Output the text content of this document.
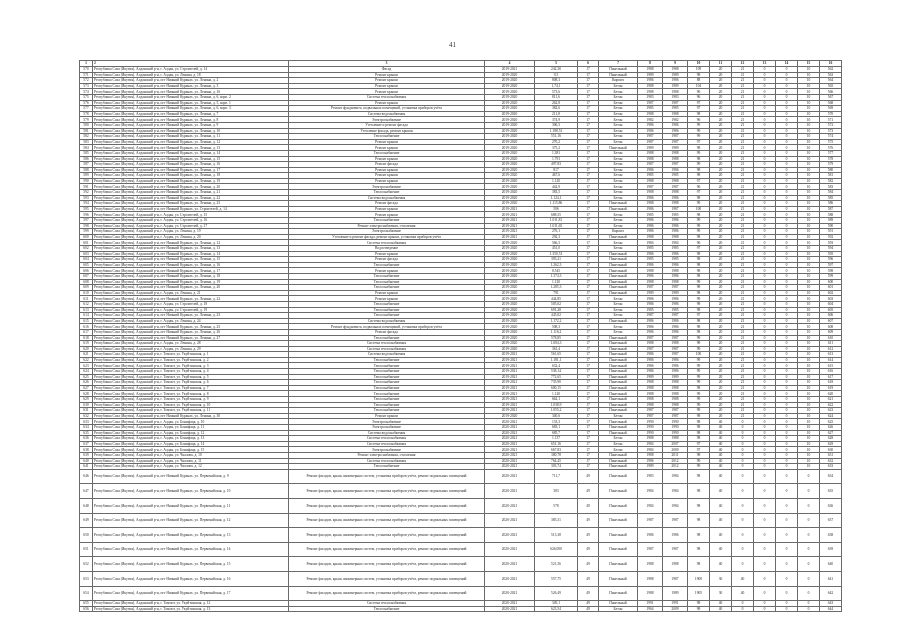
41
1	2	3	4	5	6	7	8	9	10	11	12	13	14	15	16
570	Республика Саха (Якутия), Алданский р-н, г. Алдан, ул. Строителей, д. 14	Фасад	2019-2021	242,30	17	Панельный	1988	1988	109	20	21	0	0	10	562
571	Республика Саха (Якутия), Алданский р-н, г. Алдан, ул. Ленина, д. 18	Ремонт крыши	2019-2020	9,5	17	Панельный	1989	1989	98	20	21	0	0	10	563
572	Республика Саха (Якутия), Алданский р-н, пгт Нижний Куранах, ул. Ленина, д. 2	Ремонт крыши	2019-2020	808,3	17	Кирпич	1986	1986	88	20	21	0	0	10	564
573	Республика Саха (Якутия), Алданский р-н, пгт Нижний Куранах, ул. Ленина, д. 3	Ремонт крыши	2019-2020	1,74,1	17	Бетон	1988	1989	104	20	21	0	0	10	565
574	Республика Саха (Якутия), Алданский р-н, пгт Нижний Куранах, ул. Ленина, д. 16	Ремонт крыши	2019-2020	573,6	17	Бетон	1988	1988	96	20	21	0	0	10	566
575	Республика Саха (Якутия), Алданский р-н, пгт Нижний Куранах, ул. Ленина, д. 6, корп. 2	Система теплоснабжения	2019-2020	811,6	17	Бетон	1983	1983	96	20	21	0	0	10	567
576	Республика Саха (Якутия), Алданский р-н, пгт Нижний Куранах, ул. Ленина, д. 5, корп. 1	Ремонт крыши	2019-2020	262,8	17	Бетон	1987	1987	97	20	21	0	0	10	568
577	Республика Саха (Якутия), Алданский р-н, пгт Нижний Куранах, ул. Ленина, д. 6, корп. 3	Ремонт фундамента, подвальных помещений, установка приборов учёта	2019-2020	382,6	17	Бетон	1985	1985	97	20	21	0	0	10	569
578	Республика Саха (Якутия), Алданский р-н, пгт Нижний Куранах, ул. Ленина, д. 7	Система водоснабжения	2019-2020	211,8	17	Бетон	1988	1988	98	20	21	0	0	10	570
579	Республика Саха (Якутия), Алданский р-н, пгт Нижний Куранах, ул. Ленина, д. 8	Электроснабжение	2019-2020	374,9	17	Бетон	1982	1982	96	20	21	0	0	10	571
580	Республика Саха (Якутия), Алданский р-н, пгт Нижний Куранах, ул. Ленина, д. 9	Утепление и ремонт фасада	2019-2020	306,3	17	Бетон	1986	1986	99	20	21	0	0	10	572
581	Республика Саха (Якутия), Алданский р-н, пгт Нижний Куранах, ул. Ленина, д. 10	Утепление фасада, ремонт крыши	2019-2020	1.188,51	17	Бетон	1986	1986	99	20	21	0	0	10	573
582	Республика Саха (Якутия), Алданский р-н, пгт Нижний Куранах, ул. Ленина, д. 11	Теплоснабжение	2019-2020	551,16	17	Бетон	1987	1987	99	20	21	0	0	10	574
583	Республика Саха (Якутия), Алданский р-н, пгт Нижний Куранах, ул. Ленина, д. 12	Ремонт крыши	2019-2020	270,2	17	Бетон	1987	1987	97	20	21	0	0	10	575
584	Республика Саха (Якутия), Алданский р-н, пгт Нижний Куранах, ул. Ленина, д. 13	Ремонт крыши	2019-2020	375,2	17	Панельный	1989	1989	98	20	21	0	0	10	576
585	Республика Саха (Якутия), Алданский р-н, пгт Нижний Куранах, ул. Ленина, д. 14	Теплоснабжение	2019-2020	1.381	17	Бетон	1988	1988	99	20	21	0	0	10	577
586	Республика Саха (Якутия), Алданский р-н, пгт Нижний Куранах, ул. Ленина, д. 15	Ремонт крыши	2019-2020	1.791	17	Бетон	1988	1988	98	20	21	0	0	10	578
587	Республика Саха (Якутия), Алданский р-н, пгт Нижний Куранах, ул. Ленина, д. 16	Ремонт фасада	2019-2020	497,83	17	Бетон	1987	1987	99	20	21	0	0	10	579
588	Республика Саха (Якутия), Алданский р-н, пгт Нижний Куранах, ул. Ленина, д. 17	Ремонт крыши	2019-2020	817	17	Бетон	1986	1986	98	20	21	0	0	10	580
589	Республика Саха (Якутия), Алданский р-н, пгт Нижний Куранах, ул. Ленина, д. 18	Ремонт крыши	2019-2020	467,6	17	Бетон	1985	1985	98	20	21	0	0	10	581
590	Республика Саха (Якутия), Алданский р-н, пгт Нижний Куранах, ул. Ленина, д. 19	Ремонт крыши	2019-2020	1.120	17	Бетон	1988	1988	97	20	21	0	0	10	582
591	Республика Саха (Якутия), Алданский р-н, пгт Нижний Куранах, ул. Ленина, д. 20	Электроснабжение	2019-2020	442,9	17	Бетон	1987	1987	96	20	21	0	0	10	583
592	Республика Саха (Якутия), Алданский р-н, пгт Нижний Куранах, ул. Ленина, д. 21	Теплоснабжение	2019-2020	383,5	17	Бетон	1988	1988	97	20	21	0	0	10	584
593	Республика Саха (Якутия), Алданский р-н, пгт Нижний Куранах, ул. Ленина, д. 22	Система водоснабжения	2019-2020	1.124,1	17	Бетон	1986	1986	98	20	21	0	0	10	585
594	Республика Саха (Якутия), Алданский р-н, пгт Нижний Куранах, ул. Ленина, д. 23	Ремонт фасада	2019-2020	1.115,86	17	Панельный	1988	1988	99	20	21	0	0	10	586
595	Республика Саха (Якутия), Алданский р-н, пгт Нижний Куранах, ул. Строителей, д. 14	Ремонт крыши	2019-2021	506	17	Панельный	1986	1987	100	20	21	0	0	10	587
596	Республика Саха (Якутия), Алданский р-н, г. Алдан, ул. Строителей, д. 15	Ремонт крыши	2019-2021	688,55	17	Бетон	1985	1985	98	20	21	0	0	10	588
597	Республика Саха (Якутия), Алданский р-н, г. Алдан, ул. Строителей, д. 16	Теплоснабжение	2019-2021	1.011,81	17	Бетон	1986	1986	99	20	21	0	0	10	589
598	Республика Саха (Якутия), Алданский р-н, г. Алдан, ул. Строителей, д. 17	Ремонт электроснабжения, отопления	2019-2021	1.011,65	17	Бетон	1986	1986	99	20	21	0	0	10	590
599	Республика Саха (Якутия), Алданский р-н, г. Алдан, ул. Ленина, д. 19	Электроснабжение	2019-2021	276,1	17	Кирпич	1986	1986	99	20	21	0	0	10	591
600	Республика Саха (Якутия), Алданский р-н, г. Алдан, ул. Ленина, д. 20	Утепление и ремонт фасада, ремонт крыши, установка приборов учёта	2019-2021	292,3	17	Панельный	1988	1988	98	20	21	0	0	10	592
601	Республика Саха (Якутия), Алданский р-н, пгт Нижний Куранах, ул. Ленина, д. 12	Система теплоснабжения	2019-2020	566,3	17	Бетон	1984	1984	96	20	21	0	0	10	593
602	Республика Саха (Якутия), Алданский р-н, пгт Нижний Куранах, ул. Ленина, д. 13	Водоотведение	2019-2020	451,0	17	Бетон	1985	1985	97	20	21	0	0	10	594
603	Республика Саха (Якутия), Алданский р-н, пгт Нижний Куранах, ул. Ленина, д. 14	Ремонт крыши	2019-2020	1.350,51	17	Панельный	1986	1986	98	20	21	0	0	10	595
604	Республика Саха (Якутия), Алданский р-н, пгт Нижний Куранах, ул. Ленина, д. 15	Ремонт фасада	2019-2020	393,21	17	Панельный	1985	1985	98	20	21	0	0	10	596
605	Республика Саха (Якутия), Алданский р-н, пгт Нижний Куранах, ул. Ленина, д. 16	Теплоснабжение	2019-2020	1.262,3	17	Панельный	1986	1986	98	20	21	0	0	10	597
606	Республика Саха (Якутия), Алданский р-н, пгт Нижний Куранах, ул. Ленина, д. 17	Ремонт крыши	2019-2020	8.545	17	Панельный	1988	1988	98	20	21	0	0	10	598
607	Республика Саха (Якутия), Алданский р-н, пгт Нижний Куранах, ул. Ленина, д. 18	Теплоснабжение	2019-2020	1.374,3	17	Панельный	1986	1986	98	20	21	0	0	10	599
608	Республика Саха (Якутия), Алданский р-н, пгт Нижний Куранах, ул. Ленина, д. 19	Теплоснабжение	2019-2020	1.120	17	Панельный	1988	1988	99	20	21	0	0	10	600
609	Республика Саха (Якутия), Алданский р-н, пгт Нижний Куранах, ул. Ленина, д. 20	Теплоснабжение	2019-2020	1.285,3	17	Панельный	1987	1987	98	20	21	0	0	10	601
610	Республика Саха (Якутия), Алданский р-н, г. Алдан, ул. Ленина, д. 21	Ремонт крыши	2019-2020	791	17	Панельный	1989	1989	98	20	21	0	0	10	602
611	Республика Саха (Якутия), Алданский р-н, пгт Нижний Куранах, ул. Ленина, д. 22	Ремонт крыши	2019-2020	444,85	17	Бетон	1986	1986	99	20	21	0	0	10	603
612	Республика Саха (Якутия), Алданский р-н, г. Алдан, ул. Строителей, д. 18	Теплоснабжение	2019-2020	505,02	17	Бетон	1986	1986	98	20	21	0	0	10	604
613	Республика Саха (Якутия), Алданский р-н, г. Алдан, ул. Строителей, д. 19	Теплоснабжение	2019-2020	691,28	17	Бетон	1985	1985	98	20	21	0	0	10	605
614	Республика Саха (Якутия), Алданский р-н, пгт Нижний Куранах, ул. Ленина, д. 23	Теплоснабжение	2019-2020	445,02	17	Бетон	1987	1987	97	20	21	0	0	10	606
615	Республика Саха (Якутия), Алданский р-н, г. Алдан, ул. Ленина, д. 24	Система водоснабжения	2019-2020	1.172,2	17	Панельный	1986	1986	98	20	21	0	0	10	607
616	Республика Саха (Якутия), Алданский р-н, пгт Нижний Куранах, ул. Ленина, д. 25	Ремонт фундамента, подвальных помещений, установка приборов учёта	2019-2020	508,3	17	Бетон	1986	1986	98	20	21	0	0	10	608
617	Республика Саха (Якутия), Алданский р-н, пгт Нижний Куранах, ул. Ленина, д. 26	Ремонт фасада	2019-2020	1.116,2	17	Бетон	1986	1986	98	20	21	0	0	10	609
618	Республика Саха (Якутия), Алданский р-н, пгт Нижний Куранах, ул. Ленина, д. 27	Теплоснабжение	2019-2020	578,85	17	Панельный	1987	1987	99	20	21	0	0	10	610
619	Республика Саха (Якутия), Алданский р-н, г. Алдан, ул. Ленина, д. 28	Система теплоснабжения	2019-2020	1.004,3	17	Панельный	1988	1988	98	20	21	0	0	10	611
620	Республика Саха (Якутия), Алданский р-н, г. Алдан, ул. Ленина, д. 29	Система теплоснабжения	2019-2020	361,4	17	Панельный	1987	1987	99	20	21	0	0	10	612
621	Республика Саха (Якутия), Алданский р-н, г. Томмот, ул. Укуйтинская, д. 1	Система водоснабжения	2019-2021	561,65	17	Панельный	1986	1987	100	20	21	0	0	10	613
622	Республика Саха (Якутия), Алданский р-н, г. Томмот, ул. Укуйтинская, д. 2	Теплоснабжение	2019-2021	1.181,1	17	Панельный	1986	1986	99	20	21	0	0	10	614
623	Республика Саха (Якутия), Алданский р-н, г. Томмот, ул. Укуйтинская, д. 3	Теплоснабжение	2019-2021	632,4	17	Панельный	1986	1986	99	20	21	0	0	10	615
624	Республика Саха (Якутия), Алданский р-н, г. Томмот, ул. Укуйтинская, д. 4	Теплоснабжение	2019-2021	538,14	17	Панельный	1986	1986	99	20	21	0	0	10	616
625	Республика Саха (Якутия), Алданский р-н, г. Томмот, ул. Укуйтинская, д. 5	Теплоснабжение	2019-2021	772,65	17	Панельный	1989	1989	99	20	21	0	0	10	617
626	Республика Саха (Якутия), Алданский р-н, г. Томмот, ул. Укуйтинская, д. 6	Теплоснабжение	2019-2021	735,90	17	Панельный	1988	1988	99	20	21	0	0	10	618
627	Республика Саха (Якутия), Алданский р-н, г. Томмот, ул. Укуйтинская, д. 7	Теплоснабжение	2019-2021	600,15	17	Панельный	1988	1988	98	20	21	0	0	10	619
628	Республика Саха (Якутия), Алданский р-н, г. Томмот, ул. Укуйтинская, д. 8	Теплоснабжение	2019-2021	1.120	17	Панельный	1988	1988	99	20	21	0	0	10	620
629	Республика Саха (Якутия), Алданский р-н, г. Томмот, ул. Укуйтинская, д. 9	Теплоснабжение	2019-2021	662,1	17	Панельный	1988	1988	99	20	21	0	0	10	621
630	Республика Саха (Якутия), Алданский р-н, г. Томмот, ул. Укуйтинская, д. 10	Теплоснабжение	2019-2021	1.038,9	17	Панельный	1988	1988	99	20	21	0	0	10	622
631	Республика Саха (Якутия), Алданский р-н, г. Томмот, ул. Укуйтинская, д. 11	Теплоснабжение	2019-2021	1.055,2	17	Панельный	1987	1987	99	20	21	0	0	10	623
632	Республика Саха (Якутия), Алданский р-н, пгт Нижний Куранах, ул. Ленина, д. 30	Ремонт крыши	2019-2020	340,6	17	Бетон	1987	1987	98	20	21	0	0	10	624
633	Республика Саха (Якутия), Алданский р-н, г. Алдан, ул. Бонифаца, д. 10	Электроснабжение	2020-2021	133,3	17	Панельный	1990	1990	98	40	0	0	0	10	625
634	Республика Саха (Якутия), Алданский р-н, г. Алдан, ул. Бонифаца, д. 11	Электроснабжение	2020-2021	683,1	17	Панельный	1990	1990	98	40	0	0	0	10	626
635	Республика Саха (Якутия), Алданский р-н, г. Алдан, ул. Бонифаца, д. 12	Система водоснабжения	2020-2021	685,7	17	Панельный	1990	1990	98	40	0	0	0	10	627
636	Республика Саха (Якутия), Алданский р-н, г. Алдан, ул. Бонифаца, д. 13	Система теплоснабжения	2020-2021	1.137	17	Бетон	1988	1988	98	40	0	0	0	10	628
637	Республика Саха (Якутия), Алданский р-н, г. Алдан, ул. Бонифаца, д. 14	Система теплоснабжения	2020-2021	651,16	17	Бетон	1984	2007	97	40	0	0	0	10	629
638	Республика Саха (Якутия), Алданский р-н, г. Алдан, ул. Бонифаца, д. 15	Электроснабжение	2020-2021	667,83	17	Бетон	1984	2009	97	40	0	0	0	10	630
639	Республика Саха (Якутия), Алданский р-н, г. Алдан, ул. Чкалова, д. 10	Ремонт электроснабжения, отопления	2020-2021	380,78	17	Панельный	1988	2011	98	40	0	0	0	10	631
640	Республика Саха (Якутия), Алданский р-н, г. Алдан, ул. Чкалова, д. 11	Система теплоснабжения	2020-2021	764,45	17	Панельный	1986	2012	99	40	0	0	0	10	632
641	Республика Саха (Якутия), Алданский р-н, г. Алдан, ул. Чкалова, д. 12	Теплоснабжение	2020-2021	303,74	17	Панельный	1989	2012	99	40	0	0	0	10	633
646	Республика Саха (Якутия), Алданский р-н, пгт Нижний Куранах, ул. Первомайская, д. 9	Ремонт фасадов, крыш, инженерных систем, установка приборов учёта, ремонт подвальных помещений	2020-2021	711,7	49	Панельный	1983	1984	98	40	0	0	0	0	634
647	Республика Саха (Якутия), Алданский р-н, пгт Нижний Куранах, ул. Первомайская, д. 10	Ремонт фасадов, крыш, инженерных систем, установка приборов учёта, ремонт подвальных помещений	2020-2021	383	49	Панельный	1984	1984	98	40	0	0	0	0	635
648	Республика Саха (Якутия), Алданский р-н, пгт Нижний Куранах, ул. Первомайская, д. 11	Ремонт фасадов, крыш, инженерных систем, установка приборов учёта, ремонт подвальных помещений	2020-2021	578	49	Панельный	1984	1984	98	40	0	0	0	0	636
649	Республика Саха (Якутия), Алданский р-н, пгт Нижний Куранах, ул. Первомайская, д. 12	Ремонт фасадов, крыш, инженерных систем, установка приборов учёта, ремонт подвальных помещений	2020-2021	385,31	49	Панельный	1987	1987	98	40	0	0	0	0	637
650	Республика Саха (Якутия), Алданский р-н, пгт Нижний Куранах, ул. Первомайская, д. 13	Ремонт фасадов, крыш, инженерных систем, установка приборов учёта, ремонт подвальных помещений	2020-2021	513,38	49	Панельный	1986	1986	98	40	0	0	0	0	638
651	Республика Саха (Якутия), Алданский р-н, пгт Нижний Куранах, ул. Первомайская, д. 14	Ремонт фасадов, крыш, инженерных систем, установка приборов учёта, ремонт подвальных помещений	2020-2021	626,000	49	Панельный	1987	1987	98	40	0	0	0	0	639
652	Республика Саха (Якутия), Алданский р-н, пгт Нижний Куранах, ул. Первомайская, д. 15	Ремонт фасадов, крыш, инженерных систем, установка приборов учёта, ремонт подвальных помещений	2020-2021	521,56	49	Панельный	1988	1988	98	40	0	0	0	0	640
653	Республика Саха (Якутия), Алданский р-н, пгт Нижний Куранах, ул. Первомайская, д. 16	Ремонт фасадов, крыш, инженерных систем, установка приборов учёта, ремонт подвальных помещений	2020-2021	557,75	49	Панельный	1988	1987	1900	30	40	0	0	0	641
654	Республика Саха (Якутия), Алданский р-н, пгт Нижний Куранах, ул. Первомайская, д. 17	Ремонт фасадов, крыш, инженерных систем, установка приборов учёта, ремонт подвальных помещений	2020-2021	526,49	49	Панельный	1988	1989	1905	30	40	0	0	0	642
655	Республика Саха (Якутия), Алданский р-н, г. Томмот, ул. Укуйтинская, д. 12	Система теплоснабжения	2020-2021	349,1	49	Панельный	1991	1991	98	40	0	0	0	0	643
656	Республика Саха (Якутия), Алданский р-н, г. Томмот, ул. Укуйтинская, д. 13	Теплоснабжение	2020-2021	623,54	49	Бетон	1964	2009	98	40	0	0	0	0	644
